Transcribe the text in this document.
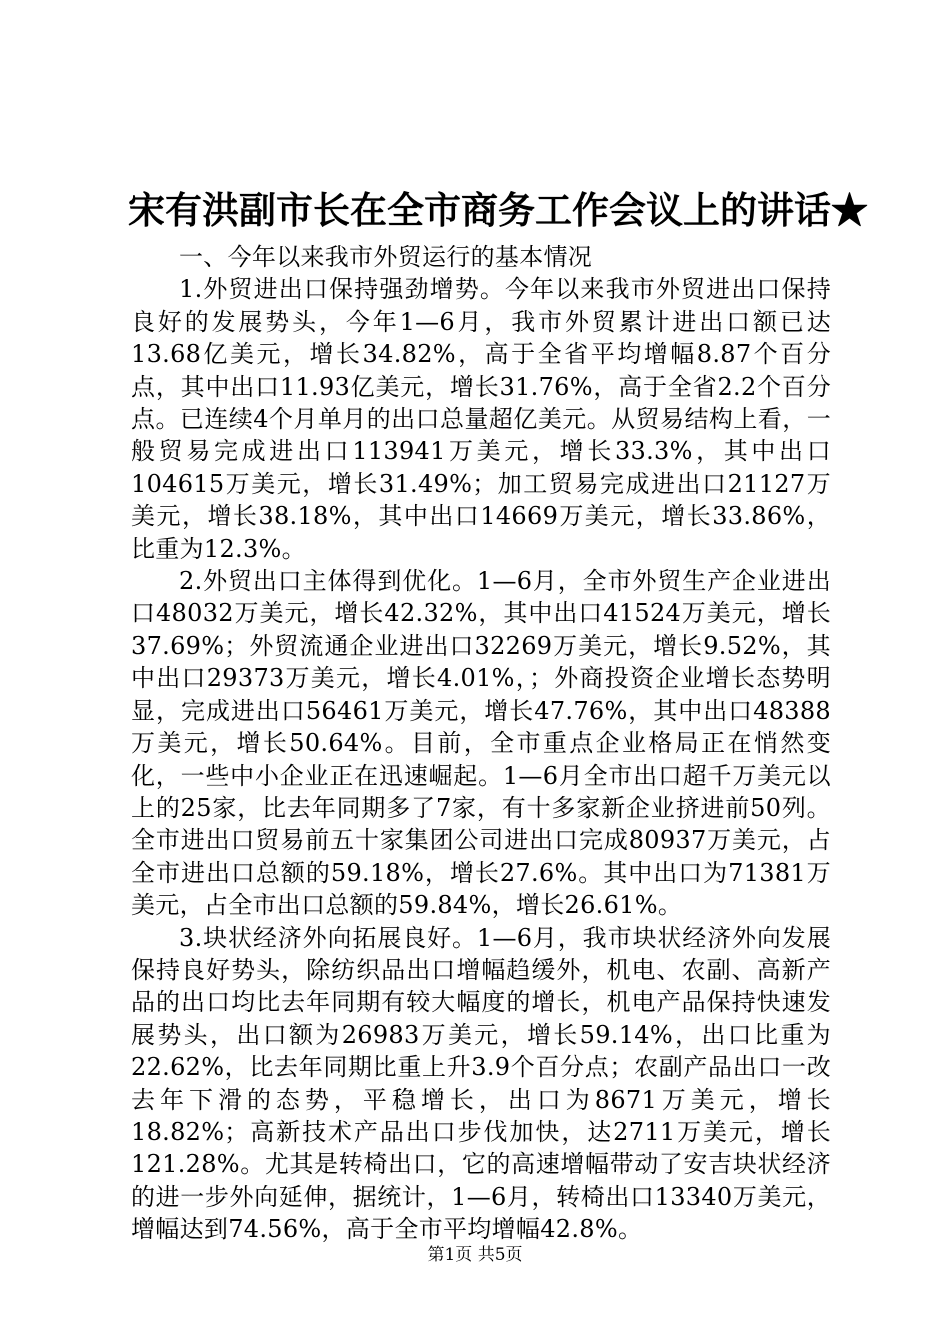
宋有洪副市长在全市商务工作会议上的讲话★

一、今年以来我市外贸运行的基本情况

1.外贸进出口保持强劲增势。今年以来我市外贸进出口保持良好的发展势头，今年1—6月，我市外贸累计进出口额已达13.68亿美元，增长34.82%，高于全省平均增幅8.87个百分点，其中出口11.93亿美元，增长31.76%，高于全省2.2个百分点。已连续4个月单月的出口总量超亿美元。从贸易结构上看，一般贸易完成进出口113941万美元，增长33.3%，其中出口104615万美元，增长31.49%；加工贸易完成进出口21127万美元，增长38.18%，其中出口14669万美元，增长33.86%，比重为12.3%。

2.外贸出口主体得到优化。1—6月，全市外贸生产企业进出口48032万美元，增长42.32%，其中出口41524万美元，增长37.69%；外贸流通企业进出口32269万美元，增长9.52%，其中出口29373万美元，增长4.01%，；外商投资企业增长态势明显，完成进出口56461万美元，增长47.76%，其中出口48388万美元，增长50.64%。目前，全市重点企业格局正在悄然变化，一些中小企业正在迅速崛起。1—6月全市出口超千万美元以上的25家，比去年同期多了7家，有十多家新企业挤进前50列。全市进出口贸易前五十家集团公司进出口完成80937万美元，占全市进出口总额的59.18%，增长27.6%。其中出口为71381万美元，占全市出口总额的59.84%，增长26.61%。

3.块状经济外向拓展良好。1—6月，我市块状经济外向发展保持良好势头，除纺织品出口增幅趋缓外，机电、农副、高新产品的出口均比去年同期有较大幅度的增长，机电产品保持快速发展势头，出口额为26983万美元，增长59.14%，出口比重为22.62%，比去年同期比重上升3.9个百分点；农副产品出口一改去年下滑的态势，平稳增长，出口为8671万美元，增长18.82%；高新技术产品出口步伐加快，达2711万美元，增长121.28%。尤其是转椅出口，它的高速增幅带动了安吉块状经济的进一步外向延伸，据统计，1—6月，转椅出口13340万美元，增幅达到74.56%，高于全市平均增幅42.8%。

第1页 共5页
